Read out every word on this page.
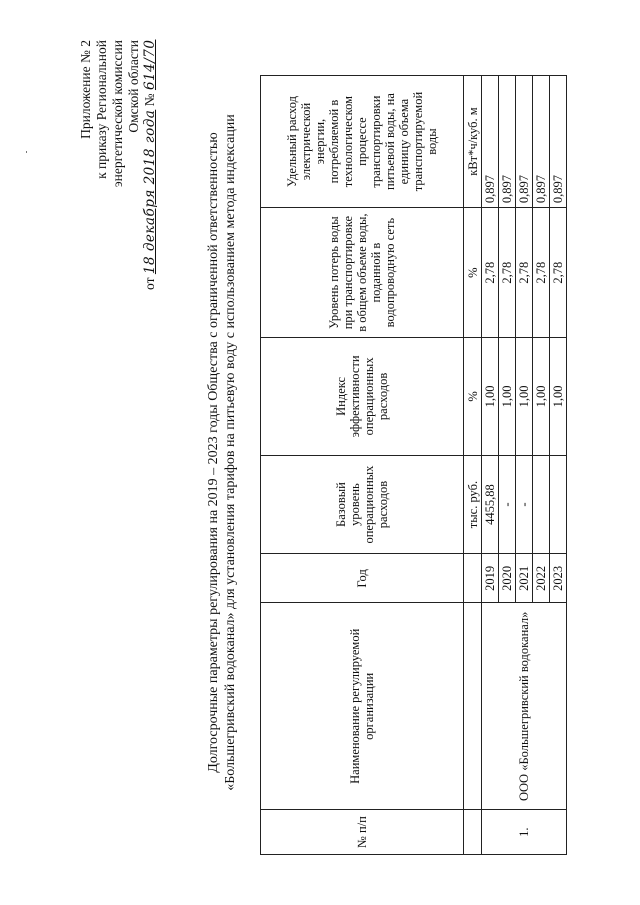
Приложение № 2 к приказу Региональной энергетической комиссии Омской области
от 18 декабря 2018 года № 614/70
Долгосрочные параметры регулирования на 2019 – 2023 годы Общества с ограниченной ответственностью «Большегривский водоканал» для установления тарифов на питьевую воду с использованием метода индексации
№ п/п	Наименование регулируемой организации	Год	Базовый уровень операционных расходов	Индекс эффективности операционных расходов	Уровень потерь воды при транспортировке в общем объеме воды, поданной в водопроводную сеть	Удельный расход электрической энергии, потребляемой в технологическом процессе транспортировки питьевой воды, на единицу объема транспортируемой воды
			тыс. руб.	%	%	кВт*ч/куб. м
1.	ООО «Большегривский водоканал»	2019	4455,88	1,00	2,78	0,897
		2020	-	1,00	2,78	0,897
		2021	-	1,00	2,78	0,897
		2022		1,00	2,78	0,897
		2023		1,00	2,78	0,897
